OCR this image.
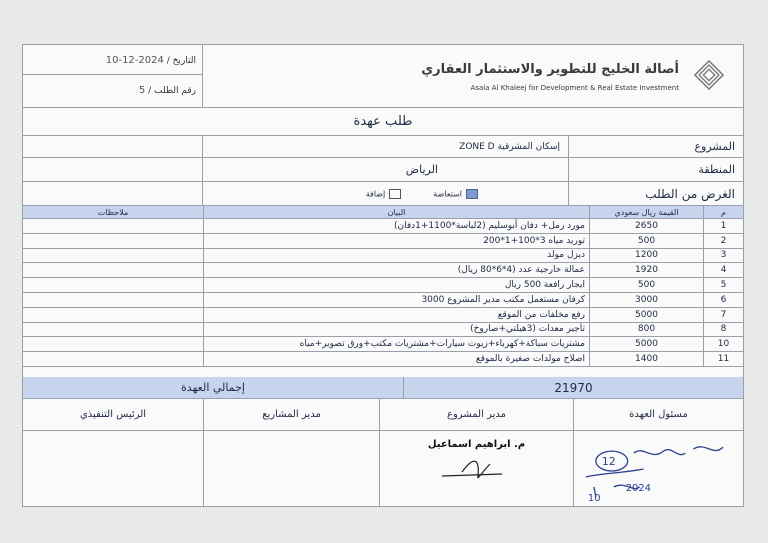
التاريخ / 2024-12-10
رقم الطلب / 5
أصالة الخليج للتطوير والاستثمار العقاري
Asala Al Khaleej for Development & Real Estate Investment
طلب عهدة
إسكان المشرقية ZONE D	المشروع
الرياض	المنطقة
استعاضة
إضافة	الغرض من الطلب
ملاحظات	البيان	القيمة ريال سعودي	م
مورد رمل+ دفان أبوسليم (2لباسة*1100+1دفان)	2650	1
توريد مياه 3*100+1*200	500	2
ديزل مولد	1200	3
عمالة خارجية عدد (4*6*80 ريال)	1920	4
ايجار رافعة 500 ريال	500	5
كرفان مستعمل مكتب مدير المشروع 3000	3000	6
رفع مخلفات من الموقع	5000	7
تأجير معدات (3هيلتي+صاروخ)	800	8
مشتريات سباكة+كهرباء+زيوت سيارات+مشتريات مكتب+ورق تصوير+مياه	5000	10
اصلاح مولدات صغيرة بالموقع	1400	11
إجمالي العهدة	21970
الرئيس التنفيذي	مدير المشاريع	مدير المشروع	مسئول العهدة
م. ابراهيم اسماعيل
12
2024
10
